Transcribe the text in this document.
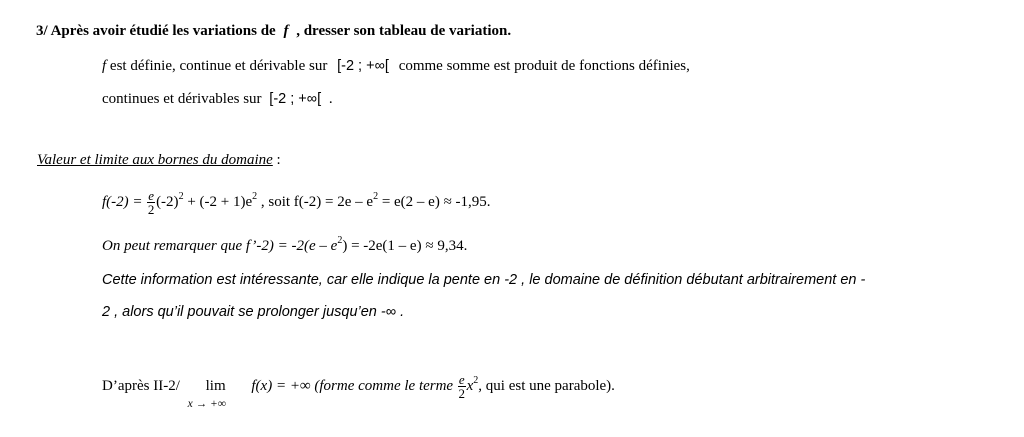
3/ Après avoir étudié les variations de f , dresser son tableau de variation.
f est définie, continue et dérivable sur [-2 ; +∞[ comme somme est produit de fonctions définies,
continues et dérivables sur [-2 ; +∞[ .
Valeur et limite aux bornes du domaine :
$f(-2) = \frac{e}{2} (-2)^2 + (-2 + 1)e^2$ , soit $f(-2) = 2e - e^2 = e(2 - e) \approx -1,95$.
On peut remarquer que f’-2) = $-2(e - e^2) = -2e(1 - e) \approx 9,34$.
Cette information est intéressante, car elle indique la pente en -2 , le domaine de définition débutant arbitrairement en -
2 , alors qu’il pouvait se prolonger jusqu’en -∞ .
D’après II-2/ lim
x → +∞
f(x) = +∞ (forme comme le terme $\frac{e}{2} x^2$, qui est une parabole).
